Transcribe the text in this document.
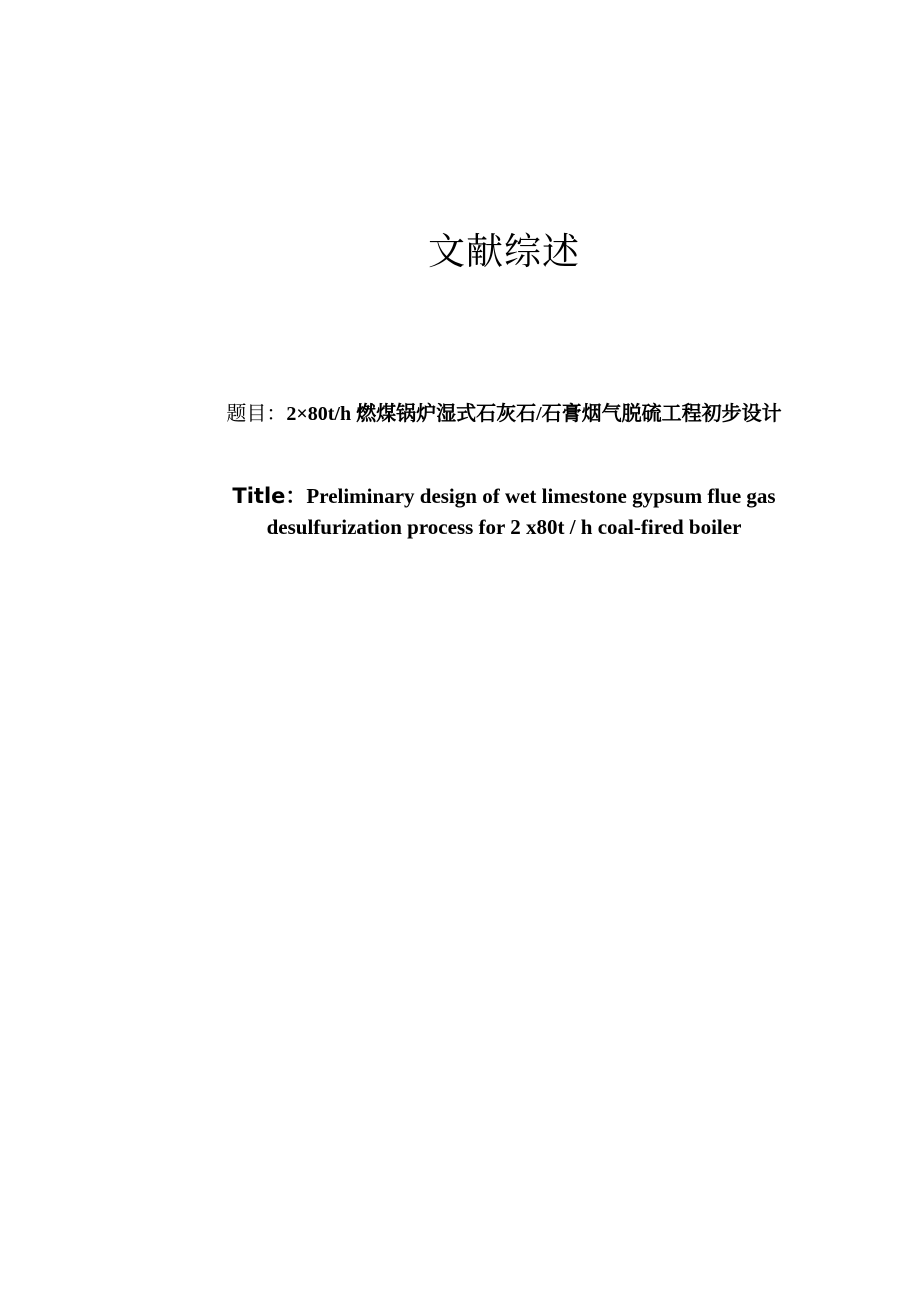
文献综述

题目：2×80t/h 燃煤锅炉湿式石灰石/石膏烟气脱硫工程初步设计

Title：Preliminary design of wet limestone gypsum flue gas desulfurization process for 2 x80t / h coal-fired boiler
